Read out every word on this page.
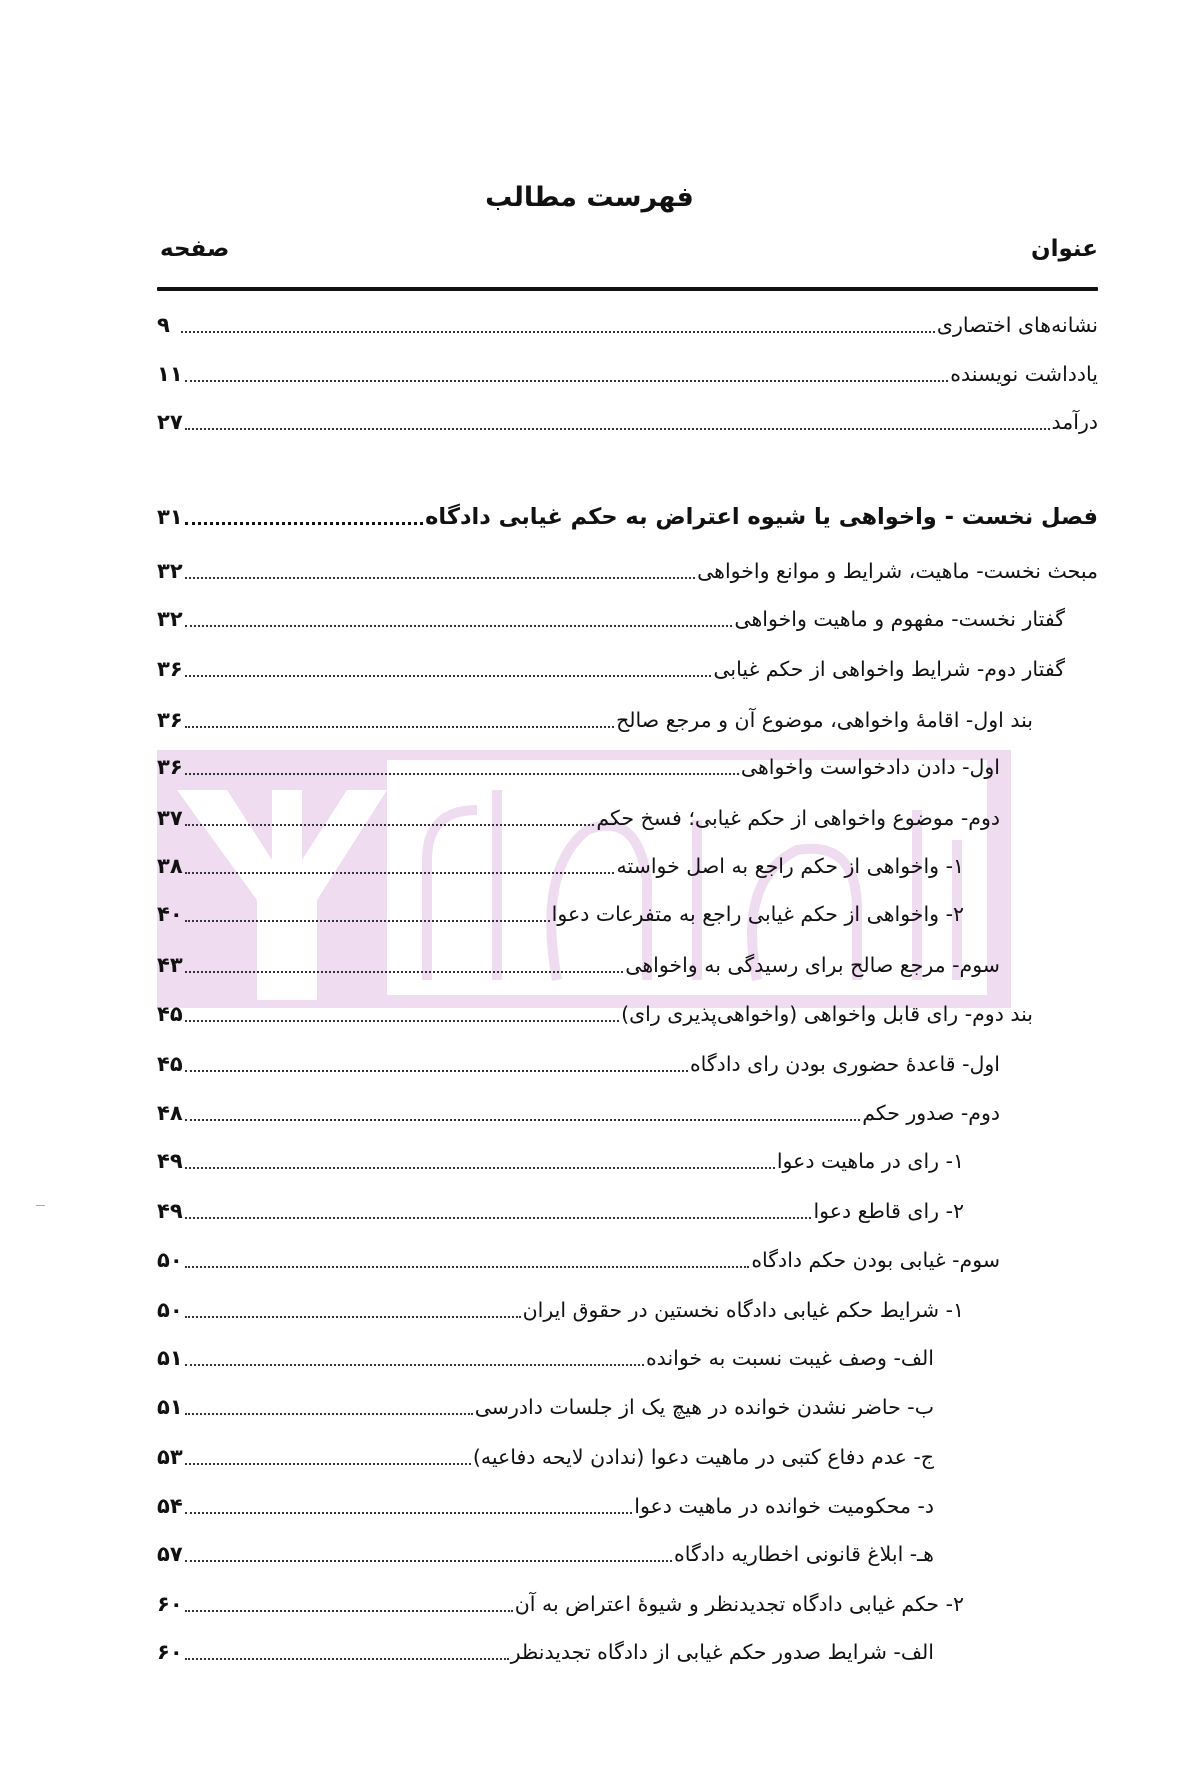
فهرست مطالب
عنوان
صفحه
نشانه‌های اختصاری
۹
یادداشت نویسنده
۱۱
درآمد
۲۷
فصل نخست - واخواهی یا شیوه اعتراض به حکم غیابی دادگاه
۳۱
مبحث نخست- ماهیت، شرایط و موانع واخواهی
۳۲
گفتار نخست- مفهوم و ماهیت واخواهی
۳۲
گفتار دوم- شرایط واخواهی از حکم غیابی
۳۶
بند اول- اقامهٔ واخواهی، موضوع آن و مرجع صالح
۳۶
اول- دادن دادخواست واخواهی
۳۶
دوم- موضوع واخواهی از حکم غیابی؛ فسخ حکم
۳۷
۱- واخواهی از حکم راجع به اصل خواسته
۳۸
۲- واخواهی از حکم غیابی راجع به متفرعات دعوا
۴۰
سوم- مرجع صالح برای رسیدگی به واخواهی
۴۳
بند دوم- رای قابل واخواهی (واخواهی‌پذیری رای)
۴۵
اول- قاعدهٔ حضوری بودن رای دادگاه
۴۵
دوم- صدور حکم
۴۸
۱- رای در ماهیت دعوا
۴۹
۲- رای قاطع دعوا
۴۹
سوم- غیابی بودن حکم دادگاه
۵۰
۱- شرایط حکم غیابی دادگاه نخستین در حقوق ایران
۵۰
الف- وصف غیبت نسبت به خوانده
۵۱
ب- حاضر نشدن خوانده در هیچ یک از جلسات دادرسی
۵۱
ج- عدم دفاع کتبی در ماهیت دعوا (ندادن لایحه دفاعیه)
۵۳
د- محکومیت خوانده در ماهیت دعوا
۵۴
هـ- ابلاغ قانونی اخطاریه دادگاه
۵۷
۲- حکم غیابی دادگاه تجدیدنظر و شیوهٔ اعتراض به آن
۶۰
الف- شرایط صدور حکم غیابی از دادگاه تجدیدنظر
۶۰
